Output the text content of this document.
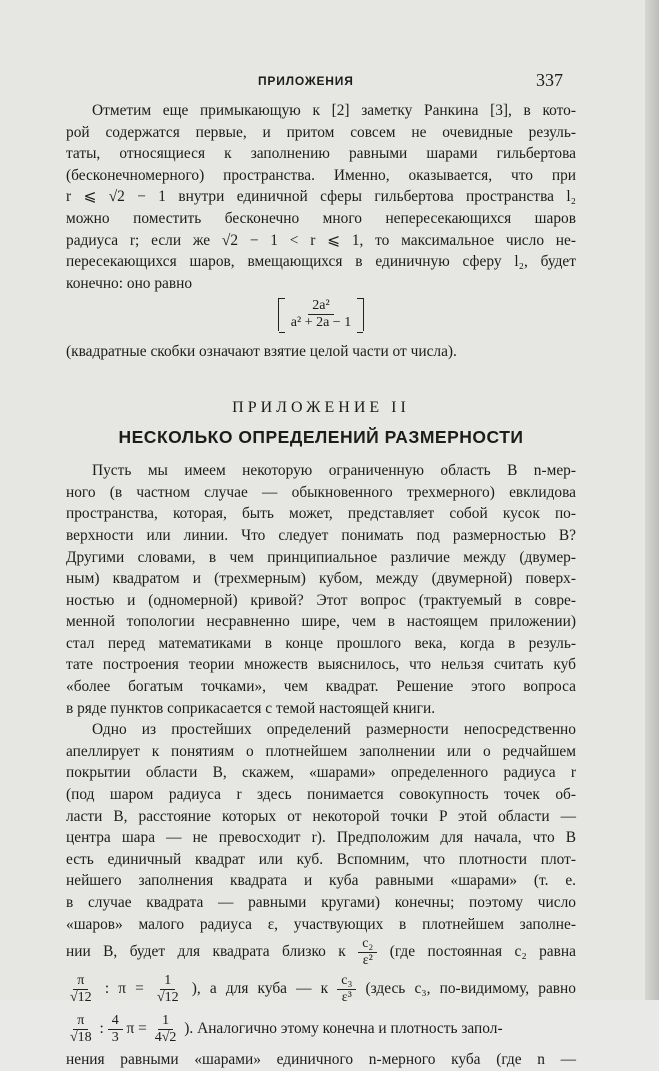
ПРИЛОЖЕНИЯ	337
Отметим еще примыкающую к [2] заметку Ранкина [3], в кото-
рой содержатся первые, и притом совсем не очевидные резуль-
таты, относящиеся к заполнению равными шарами гильбертова
(бесконечномерного) пространства. Именно, оказывается, что при
r ⩽ √2 − 1 внутри единичной сферы гильбертова пространства l₂
можно поместить бесконечно много непересекающихся шаров
радиуса r; если же √2 − 1 < r ⩽ 1, то максимальное число не-
пересекающихся шаров, вмещающихся в единичную сферу l₂, будет
конечно: оно равно
$\frac{\text{2a²}}{\text{a² + 2a − 1}}$
(квадратные скобки означают взятие целой части от числа).
ПРИЛОЖЕНИЕ II
НЕСКОЛЬКО ОПРЕДЕЛЕНИЙ РАЗМЕРНОСТИ
Пусть мы имеем некоторую ограниченную область B n-мер-
ного (в частном случае — обыкновенного трехмерного) евклидова
пространства, которая, быть может, представляет собой кусок по-
верхности или линии. Что следует понимать под размерностью B?
Другими словами, в чем принципиальное различие между (двумер-
ным) квадратом и (трехмерным) кубом, между (двумерной) поверх-
ностью и (одномерной) кривой? Этот вопрос (трактуемый в совре-
менной топологии несравненно шире, чем в настоящем приложении)
стал перед математиками в конце прошлого века, когда в резуль-
тате построения теории множеств выяснилось, что нельзя считать куб
«более богатым точками», чем квадрат. Решение этого вопроса
в ряде пунктов соприкасается с темой настоящей книги.
Одно из простейших определений размерности непосредственно
апеллирует к понятиям о плотнейшем заполнении или о редчайшем
покрытии области B, скажем, «шарами» определенного радиуса r
(под шаром радиуса r здесь понимается совокупность точек об-
ласти B, расстояние которых от некоторой точки P этой области —
центра шара — не превосходит r). Предположим для начала, что B
есть единичный квадрат или куб. Вспомним, что плотности плот-
нейшего заполнения квадрата и куба равными «шарами» (т. е.
в случае квадрата — равными кругами) конечны; поэтому число
«шаров» малого радиуса ε, участвующих в плотнейшем заполне-
нии B, будет для квадрата близко к $\frac{\text{c₂}}{\text{ε²}} (где$ постоянная c₂ равна
$\frac{\pi}{√12}$ : $\pi = \frac{1}{√12}$ ), а для куба — к $\frac{\text{c₃}}{\text{ε³}}$ (здесь c₃, по-видимому, равно
$\frac{\pi}{√18}$ : $\frac{4}{3}$ $\pi = \frac{1}{4√2}$ ). Аналогично этому конечна и плотность запол-
нения равными «шарами» единичного n-мерного куба (где n —
